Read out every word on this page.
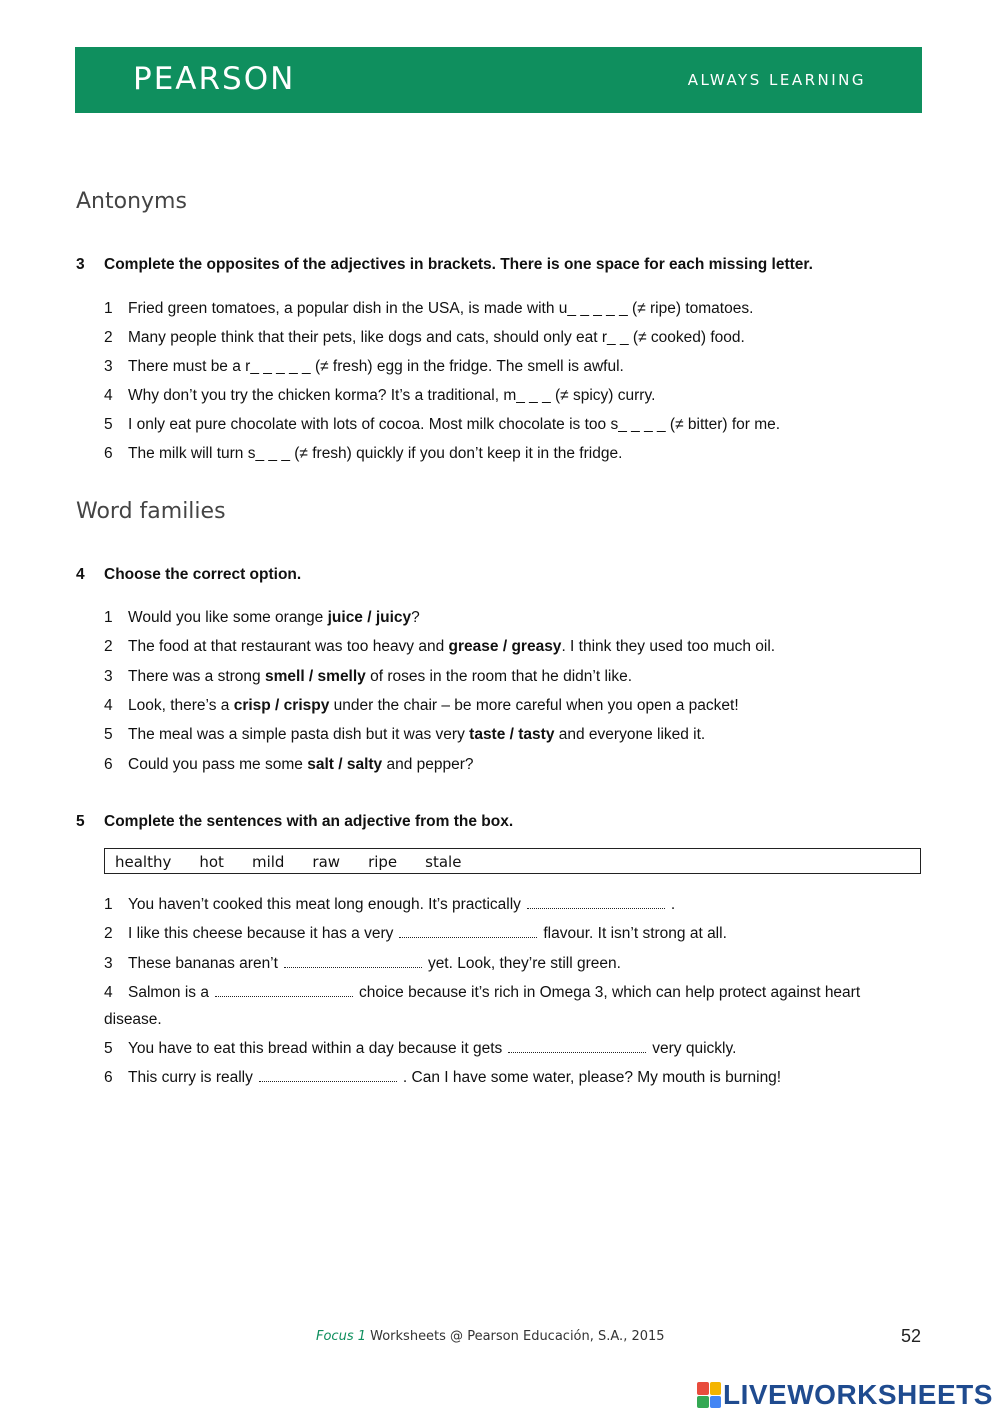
PEARSON	ALWAYS LEARNING
Antonyms
3 Complete the opposites of the adjectives in brackets. There is one space for each missing letter.
1 Fried green tomatoes, a popular dish in the USA, is made with u_ _ _ _ _ (≠ ripe) tomatoes.
2 Many people think that their pets, like dogs and cats, should only eat r_ _ (≠ cooked) food.
3 There must be a r_ _ _ _ _ (≠ fresh) egg in the fridge. The smell is awful.
4 Why don’t you try the chicken korma? It’s a traditional, m_ _ _ (≠ spicy) curry.
5 I only eat pure chocolate with lots of cocoa. Most milk chocolate is too s_ _ _ _ (≠ bitter) for me.
6 The milk will turn s_ _ _ (≠ fresh) quickly if you don’t keep it in the fridge.
Word families
4 Choose the correct option.
1 Would you like some orange juice / juicy?
2 The food at that restaurant was too heavy and grease / greasy. I think they used too much oil.
3 There was a strong smell / smelly of roses in the room that he didn’t like.
4 Look, there’s a crisp / crispy under the chair – be more careful when you open a packet!
5 The meal was a simple pasta dish but it was very taste / tasty and everyone liked it.
6 Could you pass me some salt / salty and pepper?
5 Complete the sentences with an adjective from the box.
healthy hot mild raw ripe stale
1 You haven’t cooked this meat long enough. It’s practically	.
2 I like this cheese because it has a very	flavour. It isn’t strong at all.
3 These bananas aren’t	yet. Look, they’re still green.
4 Salmon is a	choice because it’s rich in Omega 3, which can help protect against heart disease.
5 You have to eat this bread within a day because it gets	very quickly.
6 This curry is really	. Can I have some water, please? My mouth is burning!
Focus 1 Worksheets @ Pearson Educación, S.A., 2015	52
LIVEWORKSHEETS
